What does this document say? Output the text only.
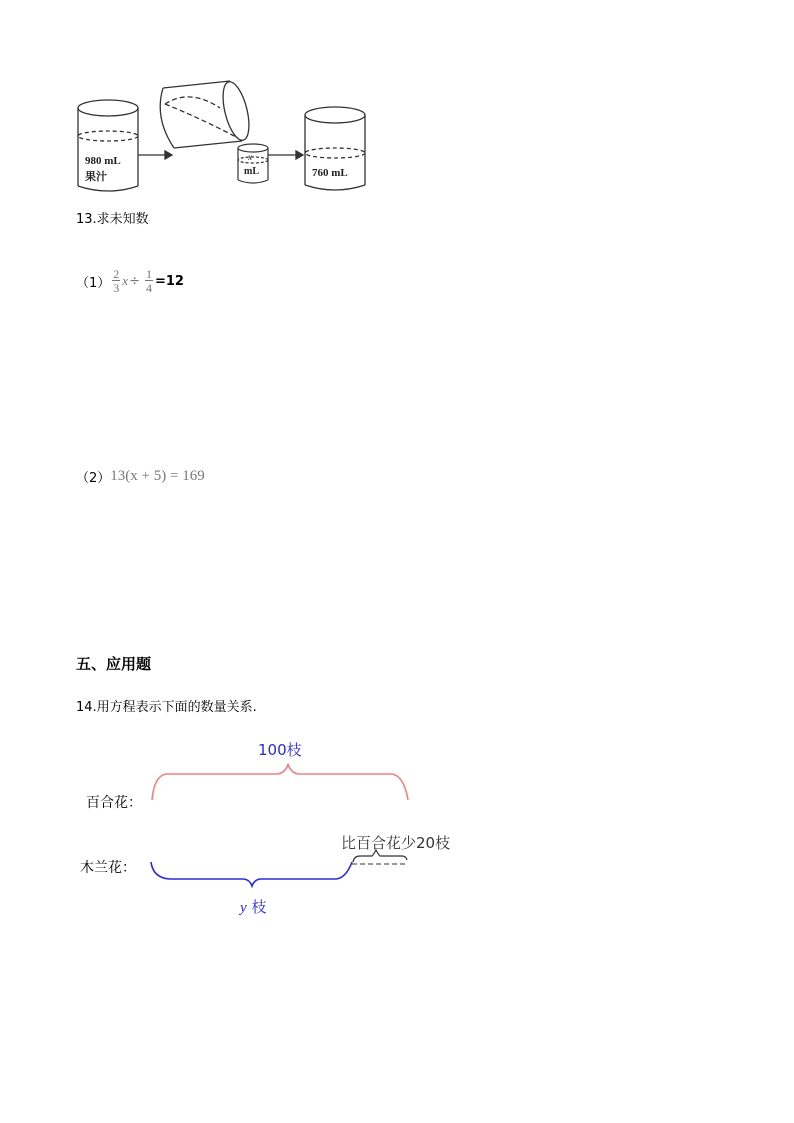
980 mL
果汁
x
mL	760 mL
13.求未知数
$(1) \frac{2}{3}$ $x \div \frac{1}{4} =12$
（2） 13(x + 5) = 169
五、应用题
14.用方程表示下面的数量关系.
百合花：
木兰花：
100枝
比百合花少20枝
y 枝
